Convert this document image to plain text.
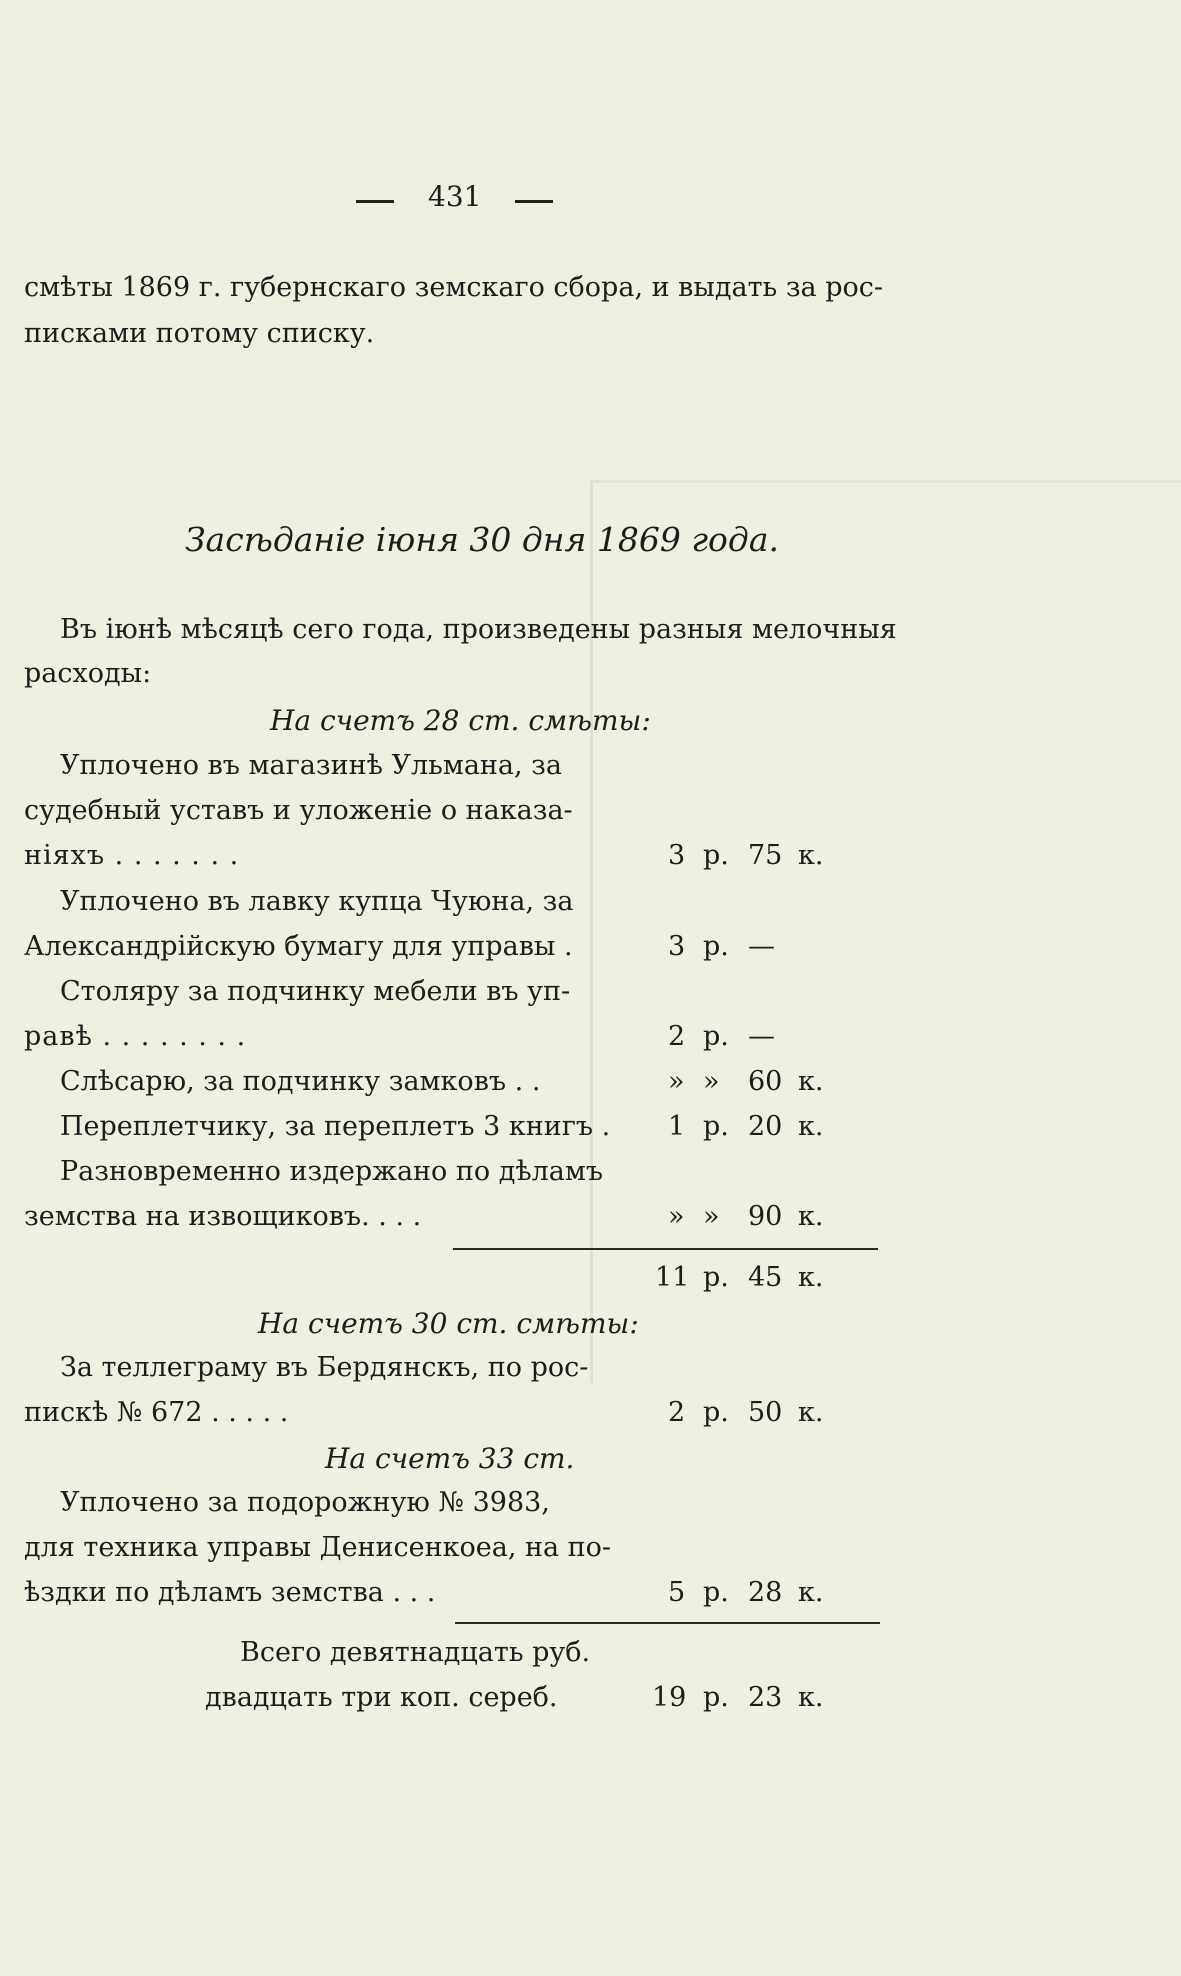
431
смѣты 1869 г. губернскаго земскаго сбора, и выдать за рос-
писками потому списку.
Засѣданіе іюня 30 дня 1869 года.
Въ іюнѣ мѣсяцѣ сего года, произведены разныя мелочныя
расходы:
На счетъ 28 ст. смѣты:
Уплочено въ магазинѣ Ульмана, за
судебный уставъ и уложеніе о наказа-
ніяхъ . . . . . . .	3 р. 75 к.
Уплочено въ лавку купца Чуюна, за
Александрійскую бумагу для управы .	3 р. —
Столяру за подчинку мебели въ уп-
равѣ . . . . . . . .	2 р. —
Слѣсарю, за подчинку замковъ . .	» » 60 к.
Переплетчику, за переплетъ 3 книгъ . 1 р. 20 к.
Разновременно издержано по дѣламъ
земства на извощиковъ. . . .	» » 90 к.
11 р. 45 к.
На счетъ 30 ст. смѣты:
За теллеграму въ Бердянскъ, по рос-
пискѣ № 672 . . . . .	2 р. 50 к.
На счетъ 33 ст.
Уплочено за подорожную № 3983,
для техника управы Денисенкоеа, на по-
ѣздки по дѣламъ земства . . .	5 р. 28 к.
Всего девятнадцать руб.
двадцать три коп. сереб.	19 р. 23 к.
